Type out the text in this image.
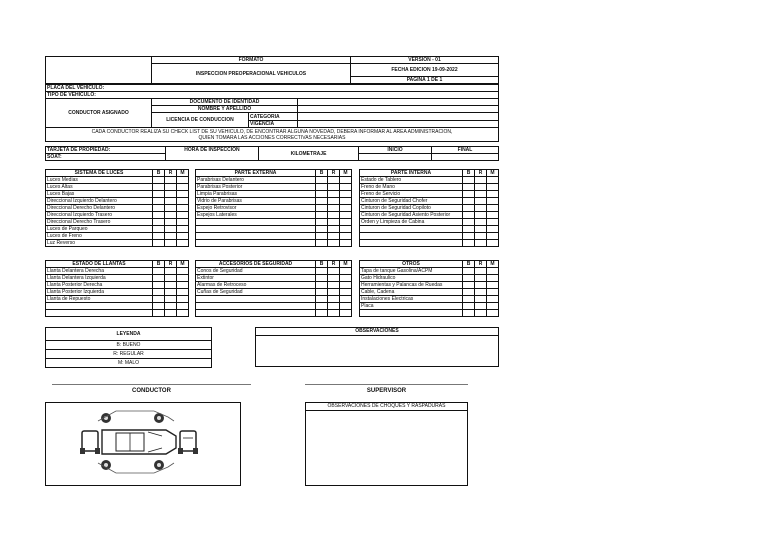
	FORMATO	VERSION - 01
	INSPECCION PREOPERACIONAL VEHICULOS	FECHA EDICION 19-09-2022
		PAGINA 1 DE 1
PLACA DEL VEHICULO:			
TIPO DE VEHICULO:			
CONDUCTOR ASIGNADO	DOCUMENTO DE IDENTIDAD		
	NOMBRE Y APELLIDO		
	LICENCIA DE CONDUCCION	CATEGORIA	
		VIGENCIA	
CADA CONDUCTOR REALIZA SU CHECK LIST DE SU VEHICULO, DE ENCONTRAR ALGUNA NOVEDAD, DEBERA INFORMAR AL AREA ADMINISTRACION,
QUIEN TOMARA LAS ACCIONES CORRECTIVAS NECESARIAS			
TARJETA DE PROPIEDAD:	HORA DE INSPECCION	KILOMETRAJE	INICIO	FINAL
SOAT:				
SISTEMA DE LUCES	B	R	M
Luces Medias			
Luces Altas			
Luces Bajas			
Direccional Izquierdo Delantero			
Direccional Derecho Delantero			
Direccional Izquierdo Trasero			
Direccional Derecho Trasero			
Luces de Parqueo			
Luces de Freno			
Luz Reverso			
PARTE EXTERNA	B	R	M
Parabrisas Delantero			
Parabrisas Posterior			
Limpia Parabrisas			
Vidrio de Parabrisas			
Espejo Retrovisor			
Espejos Laterales			

PARTE INTERNA	B	R	M
Estado de Tablero			
Freno de Mano			
Freno de Servicio			
Cinturon de Seguridad Chofer			
Cinturon de Seguridad Copiloto			
Cinturon de Seguridad Asiento Posterior			
Orden y Limpieza de Cabina			

ESTADO DE LLANTAS	B	R	M
Llanta Delantera Derecha			
Llanta Delantera Izquierda			
Llanta Posterior Derecha			
Llanta Posterior Izquierda			
Llanta de Repuesto			

ACCESORIOS DE SEGURIDAD	B	R	M
Conos de Seguridad			
Extintor			
Alarmas de Retroceso			
Cuñas de Seguridad			

OTROS	B	R	M
Tapa de tanque Gasolina/ACPM			
Gato Hidraulico			
Herramientas y Palancas de Ruedas			
Cable, Cadena			
Instalaciones Electricas			
Placa			

LEYENDA
B: BUENO
R: REGULAR
M: MALO
OBSERVACIONES
CONDUCTOR	SUPERVISOR
OBSERVACIONES DE CHOQUES Y RASPADURAS
